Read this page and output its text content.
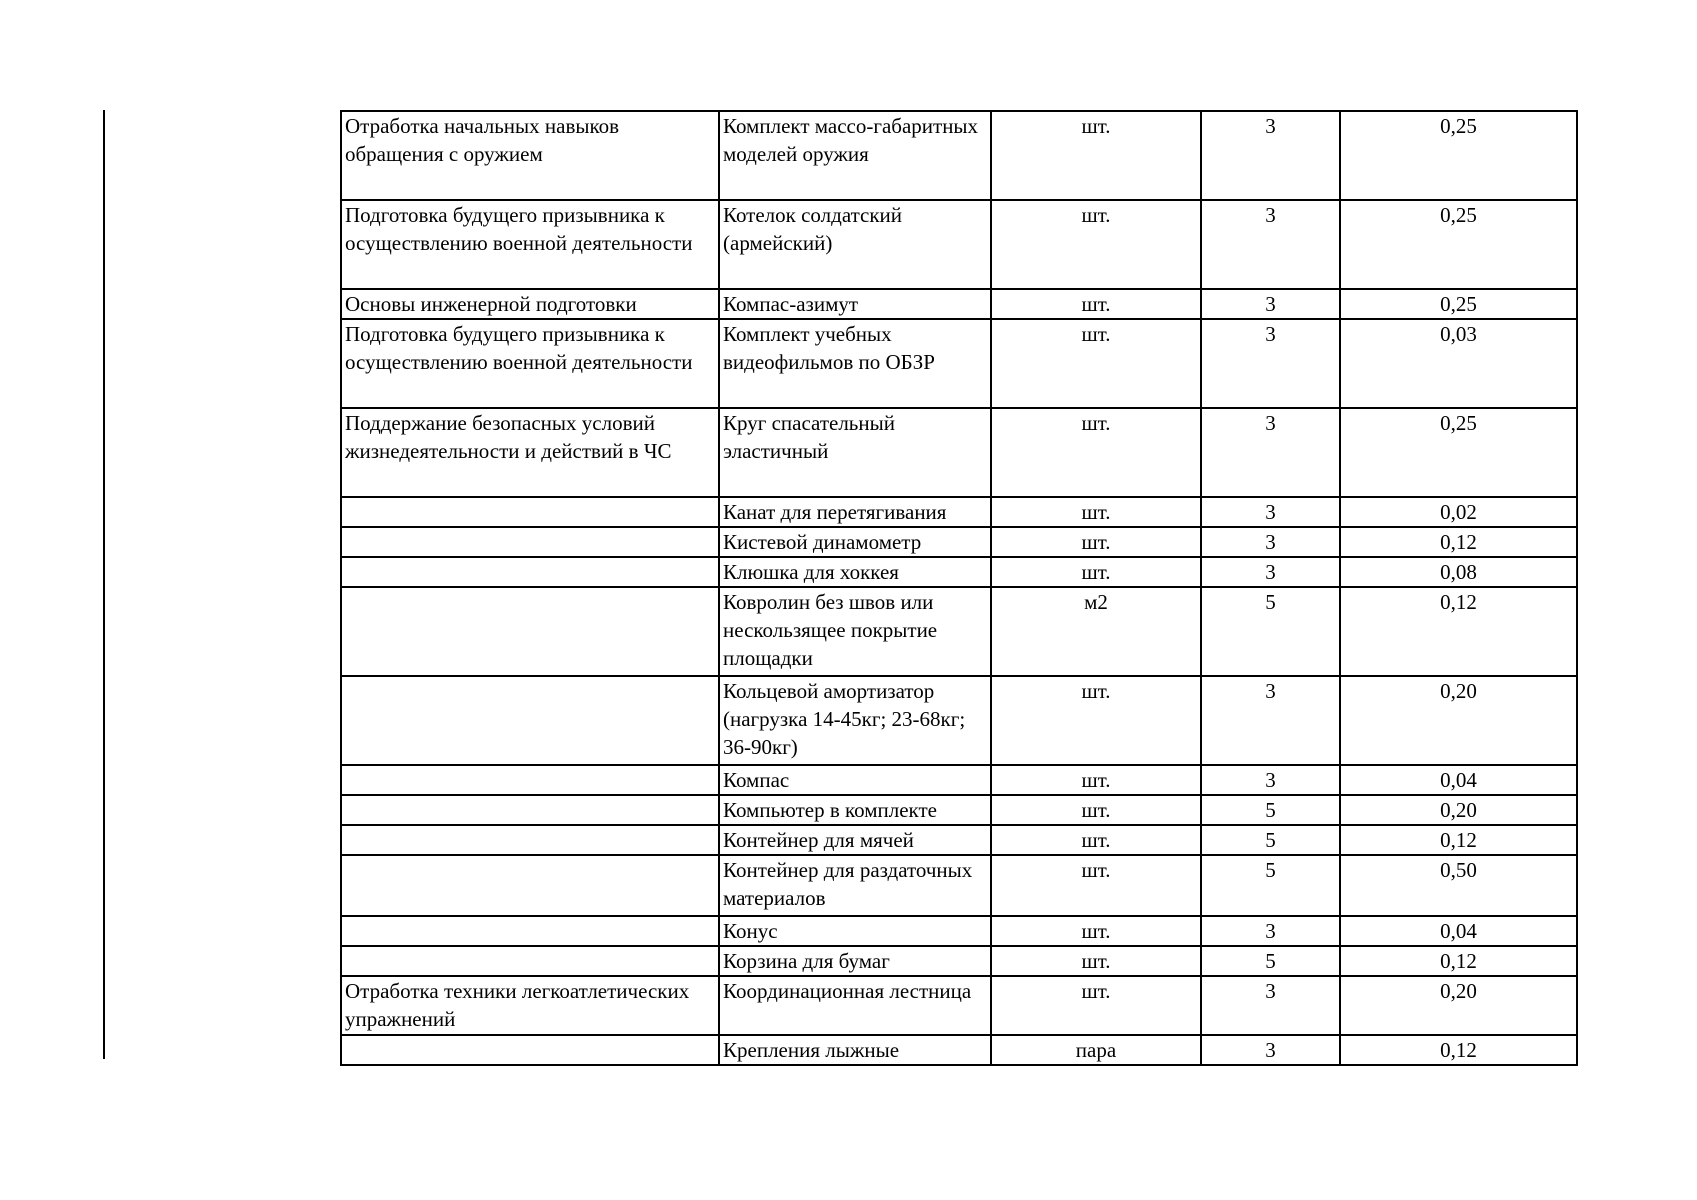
Отработка начальных навыков обращения с оружием	Комплект массо-габаритных моделей оружия	шт.	3	0,25
Подготовка будущего призывника к осуществлению военной деятельности	Котелок солдатский (армейский)	шт.	3	0,25
Основы инженерной подготовки	Компас-азимут	шт.	3	0,25
Подготовка будущего призывника к осуществлению военной деятельности	Комплект учебных видеофильмов по ОБЗР	шт.	3	0,03
Поддержание безопасных условий жизнедеятельности и действий в ЧС	Круг спасательный эластичный	шт.	3	0,25
	Канат для перетягивания	шт.	3	0,02
	Кистевой динамометр	шт.	3	0,12
	Клюшка для хоккея	шт.	3	0,08
	Ковролин без швов или нескользящее покрытие площадки	м2	5	0,12
	Кольцевой амортизатор (нагрузка 14-45кг; 23-68кг; 36-90кг)	шт.	3	0,20
	Компас	шт.	3	0,04
	Компьютер в комплекте	шт.	5	0,20
	Контейнер для мячей	шт.	5	0,12
	Контейнер для раздаточных материалов	шт.	5	0,50
	Конус	шт.	3	0,04
	Корзина для бумаг	шт.	5	0,12
Отработка техники легкоатлетических упражнений	Координационная лестница	шт.	3	0,20
	Крепления лыжные	пара	3	0,12
